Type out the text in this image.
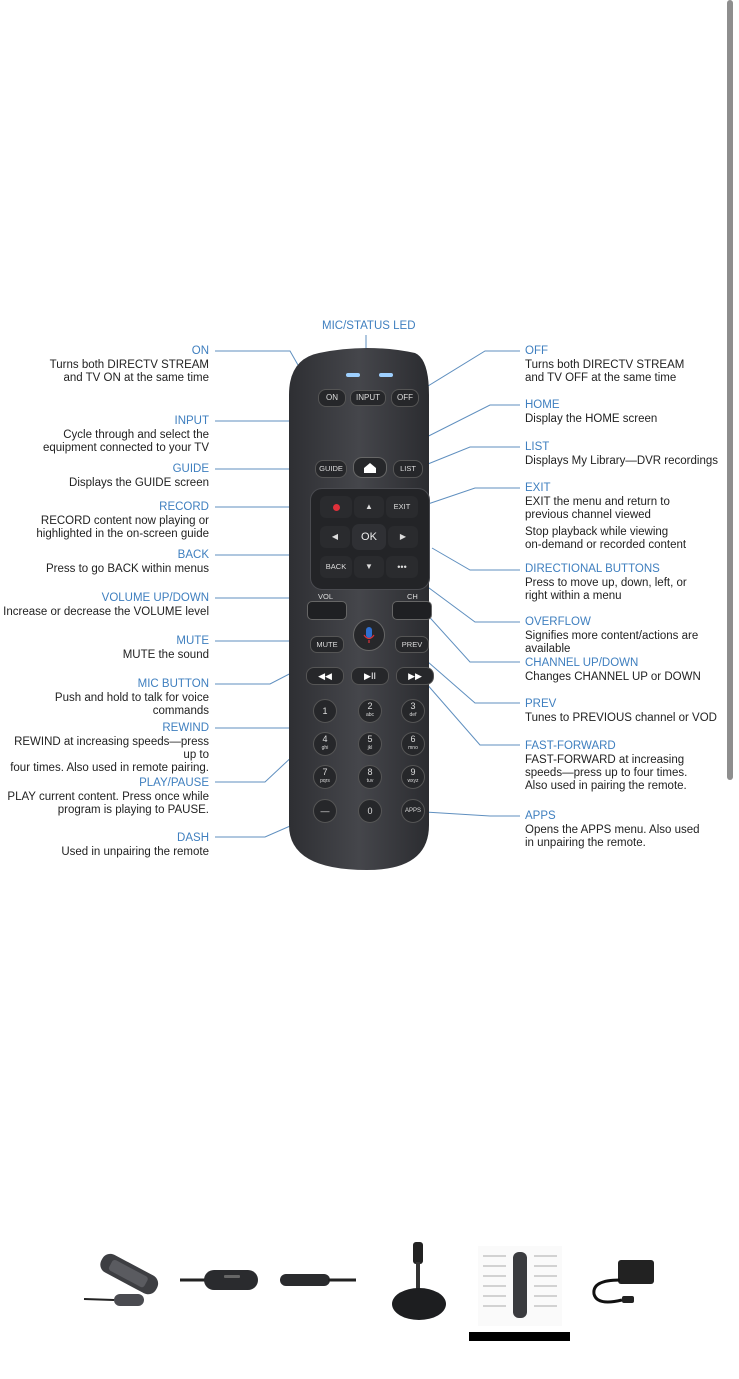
ON	INPUT	OFF
GUIDE	LIST
▲	EXIT
◀	OK	▶
BACK	▼	•••
VOL	CH
MUTE	PREV
◀◀	▶II	▶▶
1	2
abc
3
def
4
ghi
5
jkl
6
mno
7
pqrs
8
tuv
9
wxyz
—	0	APPS
MIC/STATUS LED
ON
Turns both DIRECTV STREAM
and TV ON at the same time
INPUT
Cycle through and select the
equipment connected to your TV
GUIDE
Displays the GUIDE screen
RECORD
RECORD content now playing or
highlighted in the on-screen guide
BACK
Press to go BACK within menus
VOLUME UP/DOWN
Increase or decrease the VOLUME level
MUTE
MUTE the sound
MIC BUTTON
Push and hold to talk for voice commands
REWIND
REWIND at increasing speeds—press up to
four times. Also used in remote pairing.
PLAY/PAUSE
PLAY current content. Press once while
program is playing to PAUSE.
DASH
Used in unpairing the remote
OFF
Turns both DIRECTV STREAM
and TV OFF at the same time
HOME
Display the HOME screen
LIST
Displays My Library—DVR recordings
EXIT
EXIT the menu and return to
previous channel viewed
Stop playback while viewing
on-demand or recorded content
DIRECTIONAL BUTTONS
Press to move up, down, left, or
right within a menu
OVERFLOW
Signifies more content/actions are available
CHANNEL UP/DOWN
Changes CHANNEL UP or DOWN
PREV
Tunes to PREVIOUS channel or VOD
FAST-FORWARD
FAST-FORWARD at increasing
speeds—press up to four times.
Also used in pairing the remote.
APPS
Opens the APPS menu. Also used
in unpairing the remote.
